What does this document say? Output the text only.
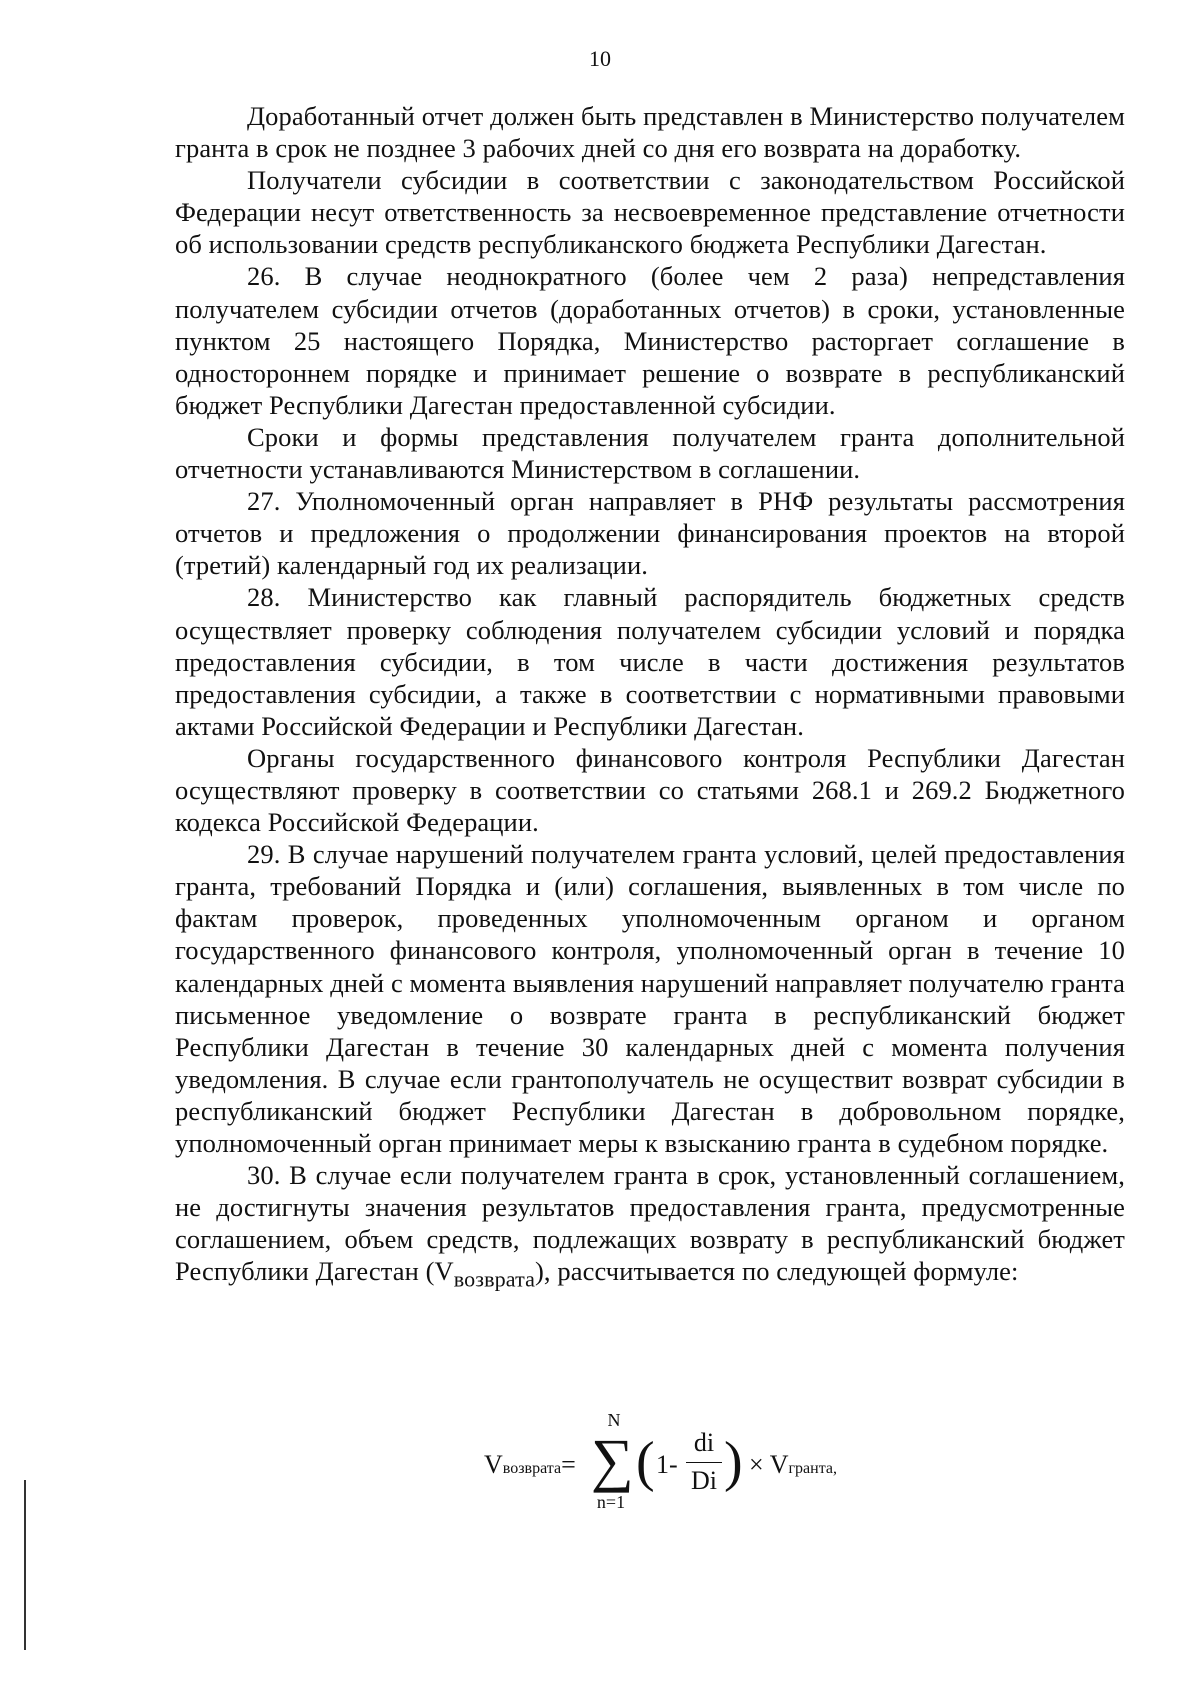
10

Доработанный отчет должен быть представлен в Министерство получателем гранта в срок не позднее 3 рабочих дней со дня его возврата на доработку.

Получатели субсидии в соответствии с законодательством Российской Федерации несут ответственность за несвоевременное представление отчетности об использовании средств республиканского бюджета Республики Дагестан.

26. В случае неоднократного (более чем 2 раза) непредставления получателем субсидии отчетов (доработанных отчетов) в сроки, установленные пунктом 25 настоящего Порядка, Министерство расторгает соглашение в одностороннем порядке и принимает решение о возврате в республиканский бюджет Республики Дагестан предоставленной субсидии.

Сроки и формы представления получателем гранта дополнительной отчетности устанавливаются Министерством в соглашении.

27. Уполномоченный орган направляет в РНФ результаты рассмотрения отчетов и предложения о продолжении финансирования проектов на второй (третий) календарный год их реализации.

28. Министерство как главный распорядитель бюджетных средств осуществляет проверку соблюдения получателем субсидии условий и порядка предоставления субсидии, в том числе в части достижения результатов предоставления субсидии, а также в соответствии с нормативными правовыми актами Российской Федерации и Республики Дагестан.

Органы государственного финансового контроля Республики Дагестан осуществляют проверку в соответствии со статьями 268.1 и 269.2 Бюджетного кодекса Российской Федерации.

29. В случае нарушений получателем гранта условий, целей предоставления гранта, требований Порядка и (или) соглашения, выявленных в том числе по фактам проверок, проведенных уполномоченным органом и органом государственного финансового контроля, уполномоченный орган в течение 10 календарных дней с момента выявления нарушений направляет получателю гранта письменное уведомление о возврате гранта в республиканский бюджет Республики Дагестан в течение 30 календарных дней с момента получения уведомления. В случае если грантополучатель не осуществит возврат субсидии в республиканский бюджет Республики Дагестан в добровольном порядке, уполномоченный орган принимает меры к взысканию гранта в судебном порядке.

30. В случае если получателем гранта в срок, установленный соглашением, не достигнуты значения результатов предоставления гранта, предусмотренные соглашением, объем средств, подлежащих возврату в республиканский бюджет Республики Дагестан $(V_{возврата})$, рассчитывается по следующей формуле:

Vвозврата=
N
∑
n=1
( 1-
di
Di ) × Vгранта,
